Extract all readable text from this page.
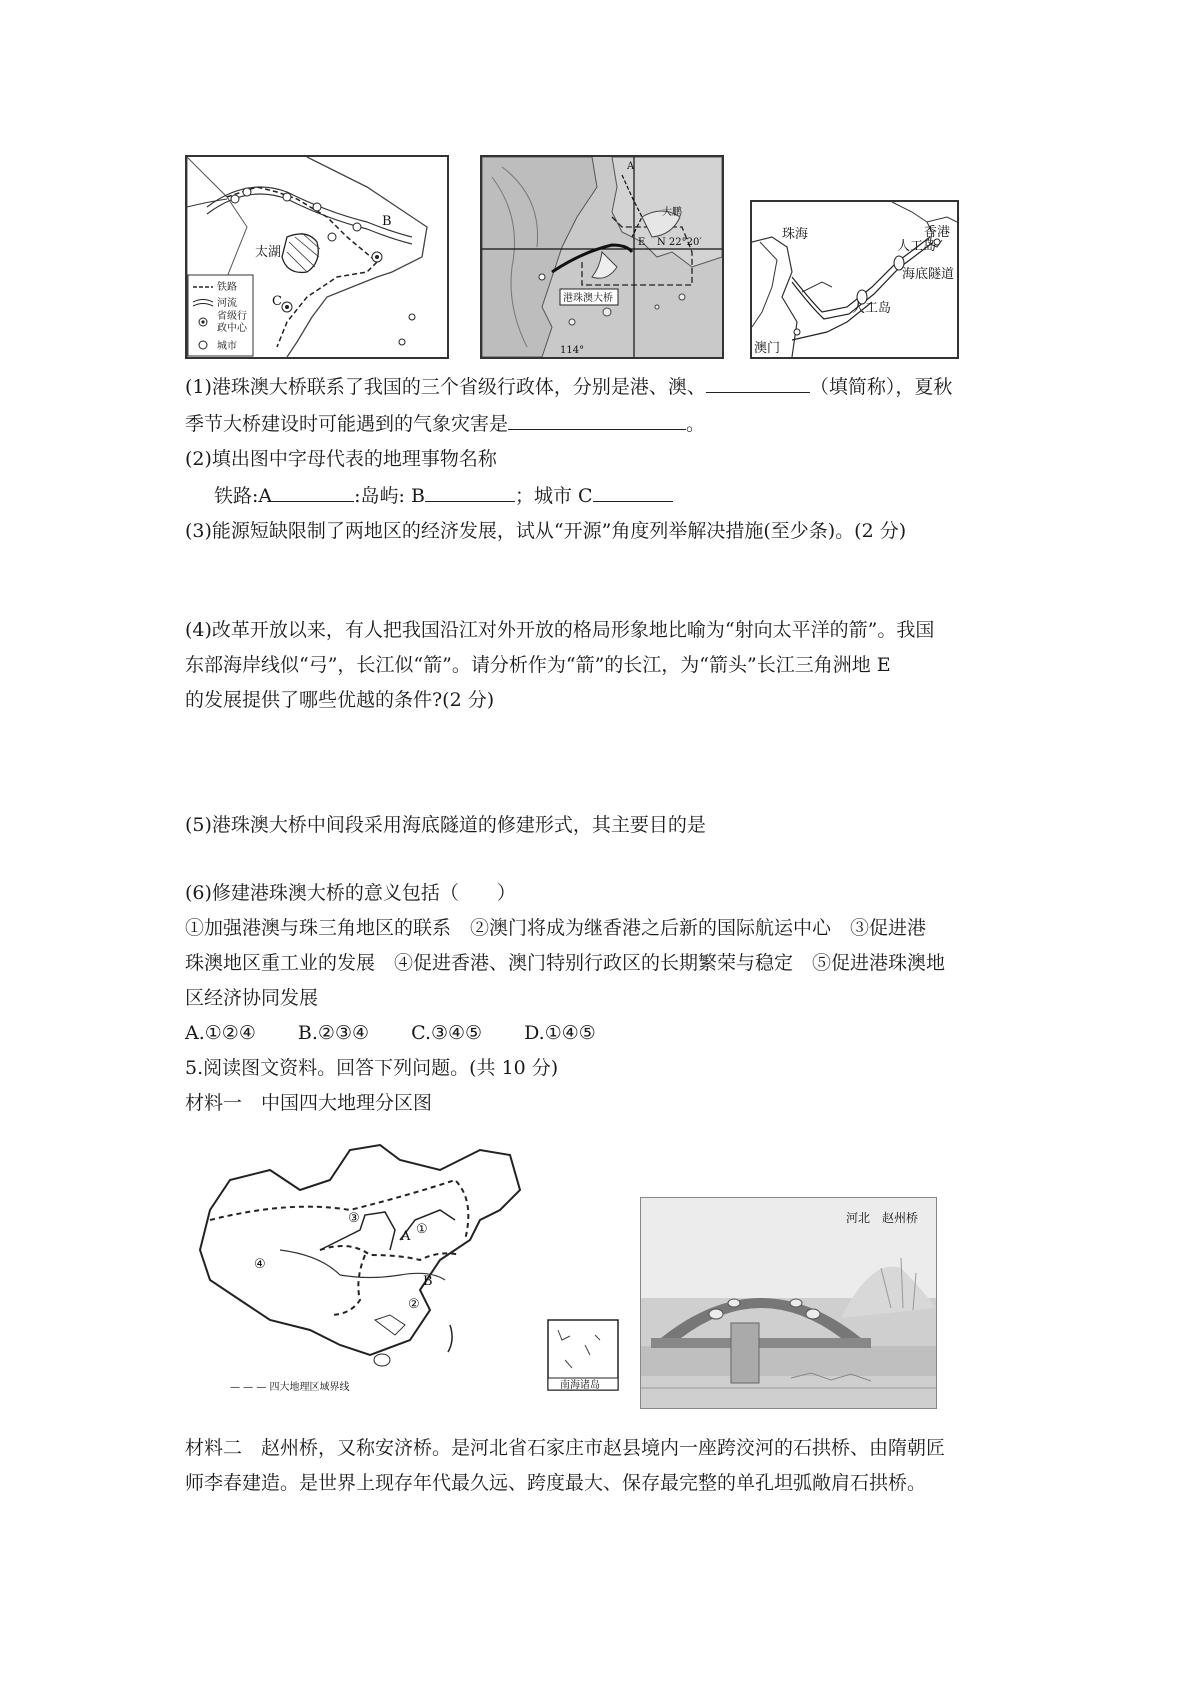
太湖
B
C
铁路
河流
省级行
政中心
城市
A
大鹏
E N 22°20′
港珠澳大桥
114°
珠海	香港
澳门
人工岛
人工岛
海底隧道
(1)港珠澳大桥联系了我国的三个省级行政体，分别是港、澳、	（填简称），夏秋
季节大桥建设时可能遇到的气象灾害是	。
(2)填出图中字母代表的地理事物名称
铁路:A	:岛屿: B	；城市 C
(3)能源短缺限制了两地区的经济发展，试从“开源”角度列举解决措施(至少条)。(2 分)
(4)改革开放以来，有人把我国沿江对外开放的格局形象地比喻为“射向太平洋的箭”。我国
东部海岸线似“弓”，长江似“箭”。请分析作为“箭”的长江，为“箭头”长江三角洲地 E
的发展提供了哪些优越的条件?(2 分)
(5)港珠澳大桥中间段采用海底隧道的修建形式，其主要目的是
(6)修建港珠澳大桥的意义包括（　　）
①加强港澳与珠三角地区的联系　②澳门将成为继香港之后新的国际航运中心　③促进港
珠澳地区重工业的发展　④促进香港、澳门特别行政区的长期繁荣与稳定　⑤促进港珠澳地
区经济协同发展
A.①②④ B.②③④ C.③④⑤ D.①④⑤
5.阅读图文资料。回答下列问题。(共 10 分)
材料一　中国四大地理分区图
③
①
④
②
A
B
南海诸岛
— — — 四大地理区域界线
河北　赵州桥
材料二　赵州桥，又称安济桥。是河北省石家庄市赵县境内一座跨洨河的石拱桥、由隋朝匠
师李春建造。是世界上现存年代最久远、跨度最大、保存最完整的单孔坦弧敞肩石拱桥。
